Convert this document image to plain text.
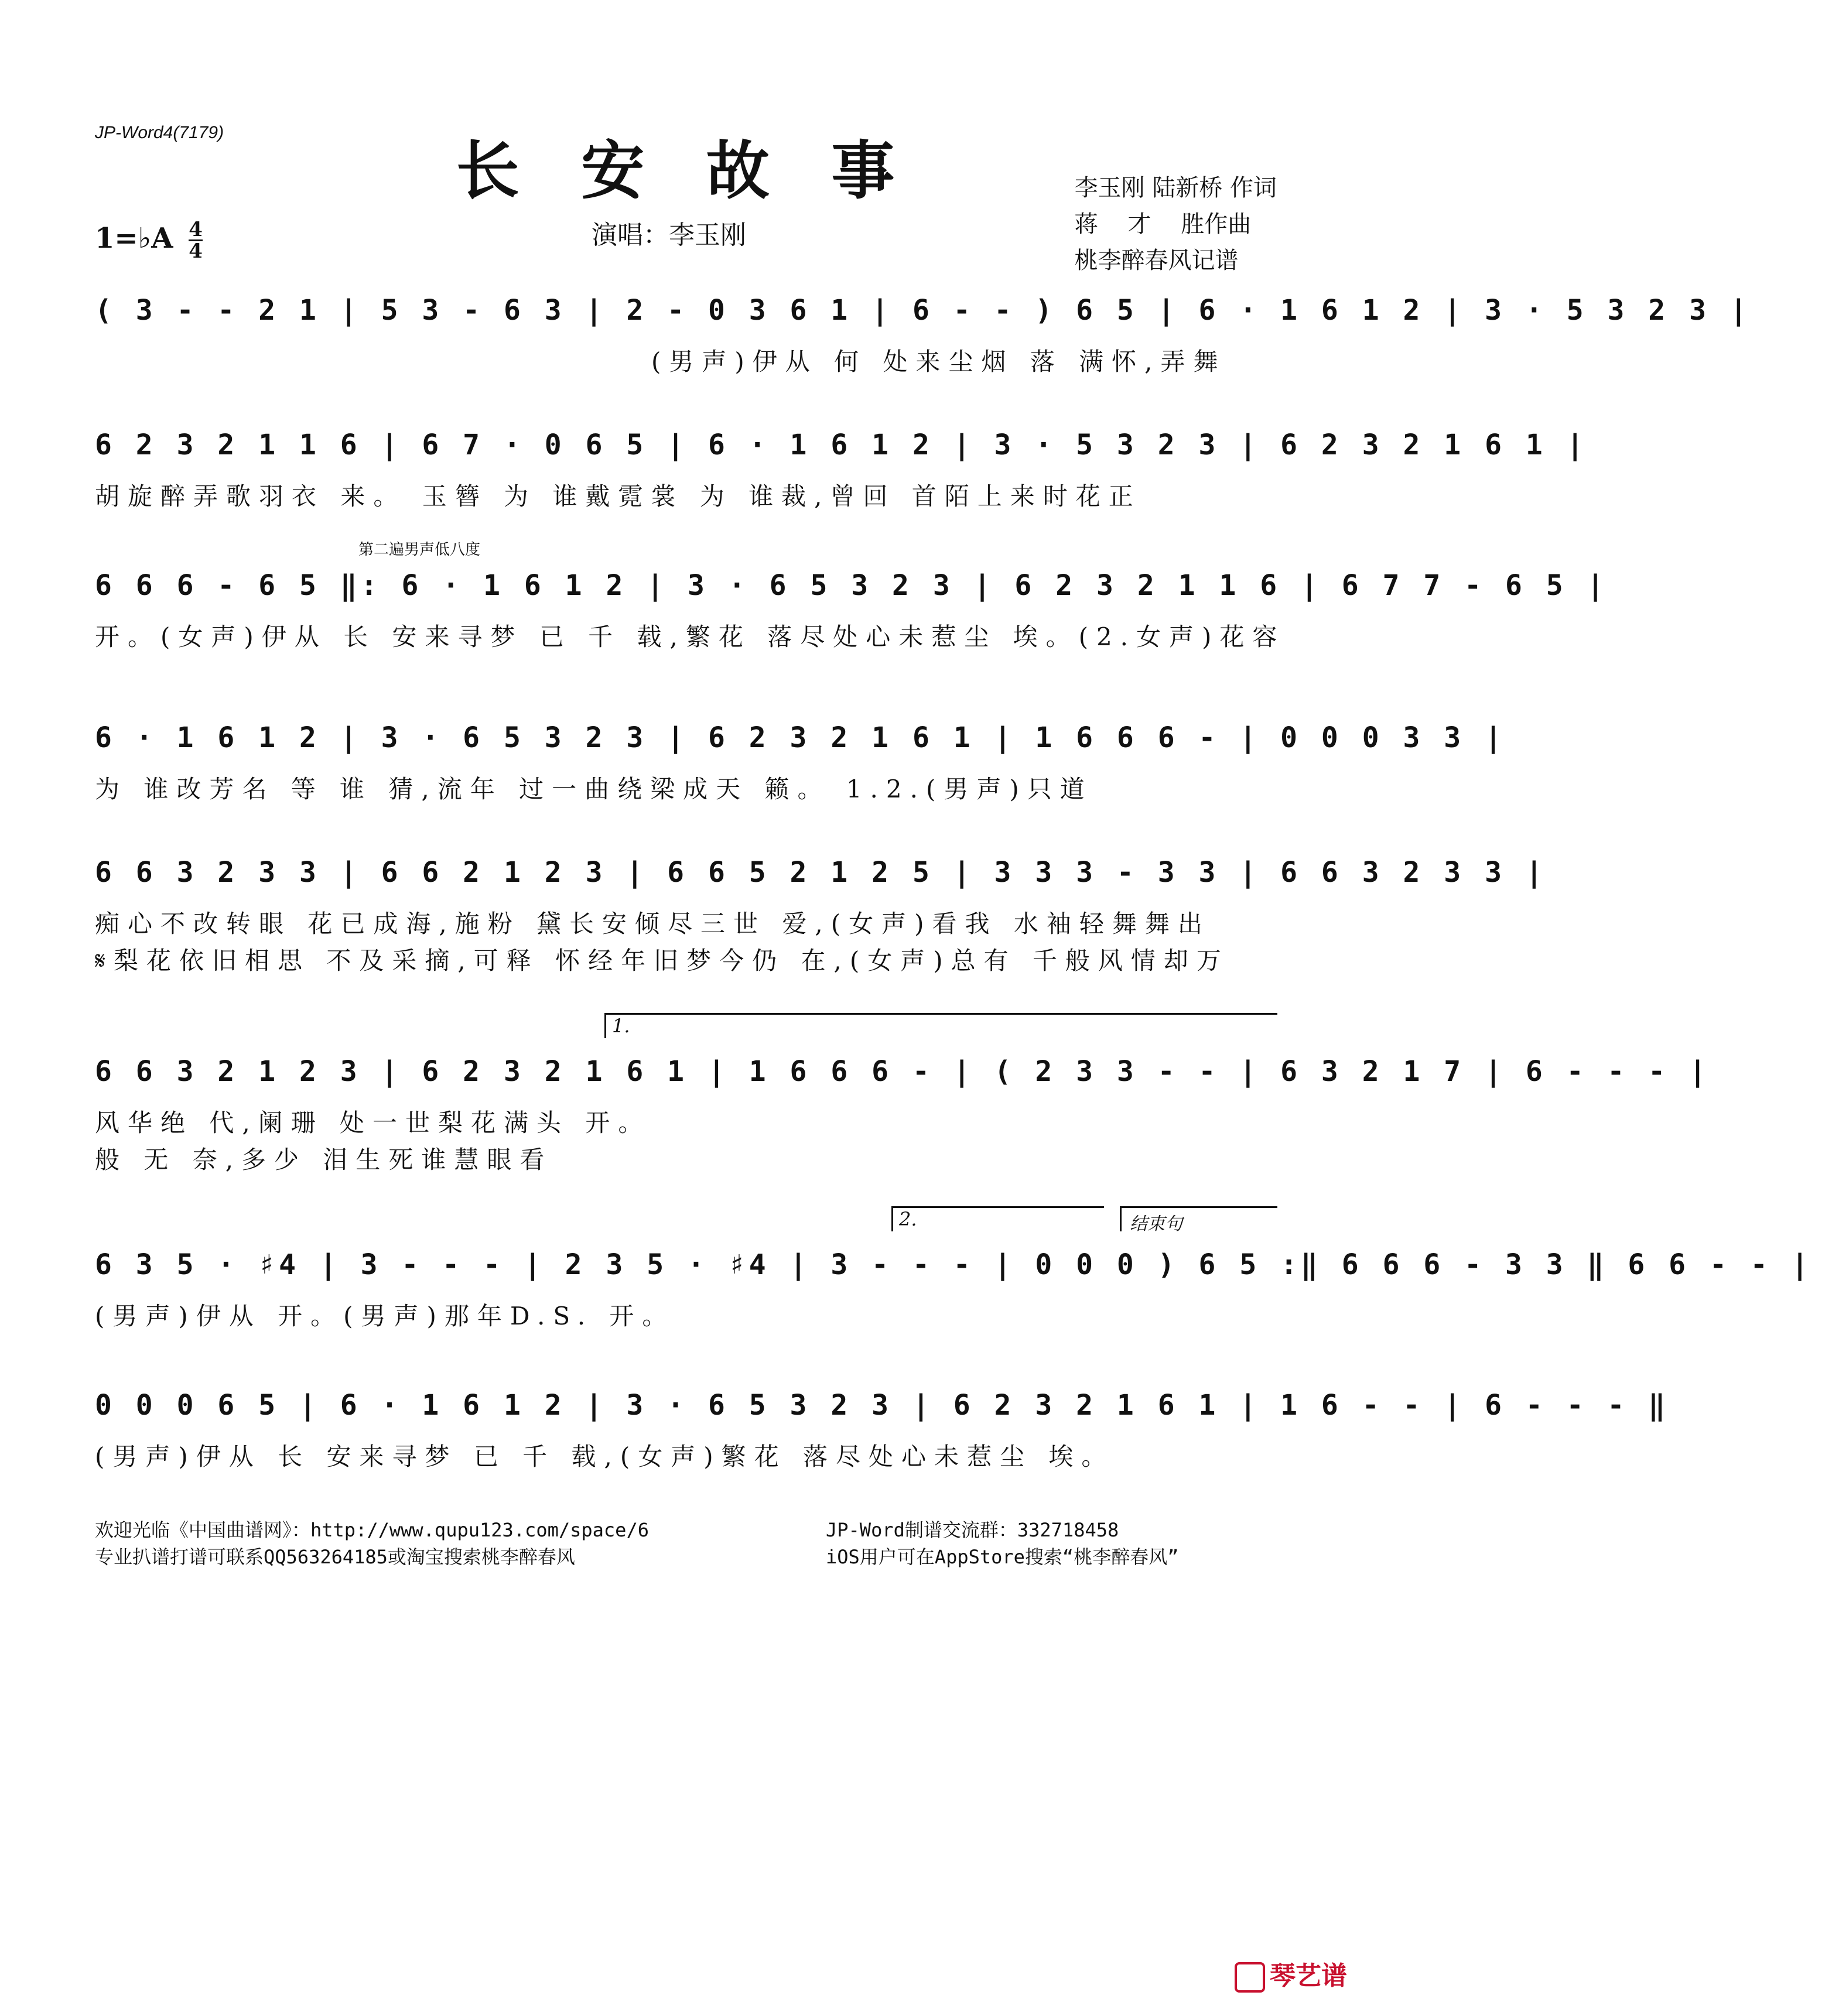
JP-Word4(7179)
长 安 故 事	李玉刚 陆新桥 作词
蒋    才    胜作曲
桃李醉春风记谱
演唱：李玉刚
1=♭A $\frac{4}{4}$
( 3 - - 2 1 | 5 3 - 6 3 | 2 - 0 3 6 1 | 6 - - ) 6 5 | 6 · 1 6 1 2 | 3 · 5 3 2 3 |
(男声)伊从 何 处来尘烟 落 满怀,弄舞
6 2 3 2 1 1 6 | 6 7 · 0 6 5 | 6 · 1 6 1 2 | 3 · 5 3 2 3 | 6 2 3 2 1 6 1 |
胡旋醉弄歌羽衣 来。 玉簪 为 谁戴霓裳 为 谁裁,曾回 首陌上来时花正
第二遍男声低八度
6 6 6 - 6 5 ‖: 6 · 1 6 1 2 | 3 · 6 5 3 2 3 | 6 2 3 2 1 1 6 | 6 7 7 - 6 5 |
开。(女声)伊从 长 安来寻梦 已 千 载,繁花 落尽处心未惹尘 埃。(2.女声)花容
6 · 1 6 1 2 | 3 · 6 5 3 2 3 | 6 2 3 2 1 6 1 | 1 6 6 6 - | 0 0 0 3 3 |
为 谁改芳名 等 谁 猜,流年 过一曲绕梁成天 籁。 1.2.(男声)只道
6 6 3 2 3 3 | 6 6 2 1 2 3 | 6 6 5 2 1 2 5 | 3 3 3 - 3 3 | 6 6 3 2 3 3 |
痴心不改转眼 花已成海,施粉 黛长安倾尽三世 爱,(女声)看我 水袖轻舞舞出
𝄋梨花依旧相思 不及采摘,可释 怀经年旧梦今仍 在,(女声)总有 千般风情却万
1.
6 6 3 2 1 2 3 | 6 2 3 2 1 6 1 | 1 6 6 6 - | ( 2 3 3 - - | 6 3 2 1 7 | 6 - - - |
风华绝 代,阑珊 处一世梨花满头 开。
般 无 奈,多少 泪生死谁慧眼看
2.	结束句
6 3 5 · ♯4 | 3 - - - | 2 3 5 · ♯4 | 3 - - - | 0 0 0 ) 6 5 :‖ 6 6 6 - 3 3 ‖ 6 6 - - |
(男声)伊从 开。(男声)那年D.S. 开。
0 0 0 6 5 | 6 · 1 6 1 2 | 3 · 6 5 3 2 3 | 6 2 3 2 1 6 1 | 1 6 - - | 6 - - - ‖
(男声)伊从 长 安来寻梦 已 千 载,(女声)繁花 落尽处心未惹尘 埃。
欢迎光临《中国曲谱网》：http://www.qupu123.com/space/6
专业扒谱打谱可联系QQ563264185或淘宝搜索桃李醉春风
JP-Word制谱交流群：332718458
iOS用户可在AppStore搜索“桃李醉春风”
琴艺谱
